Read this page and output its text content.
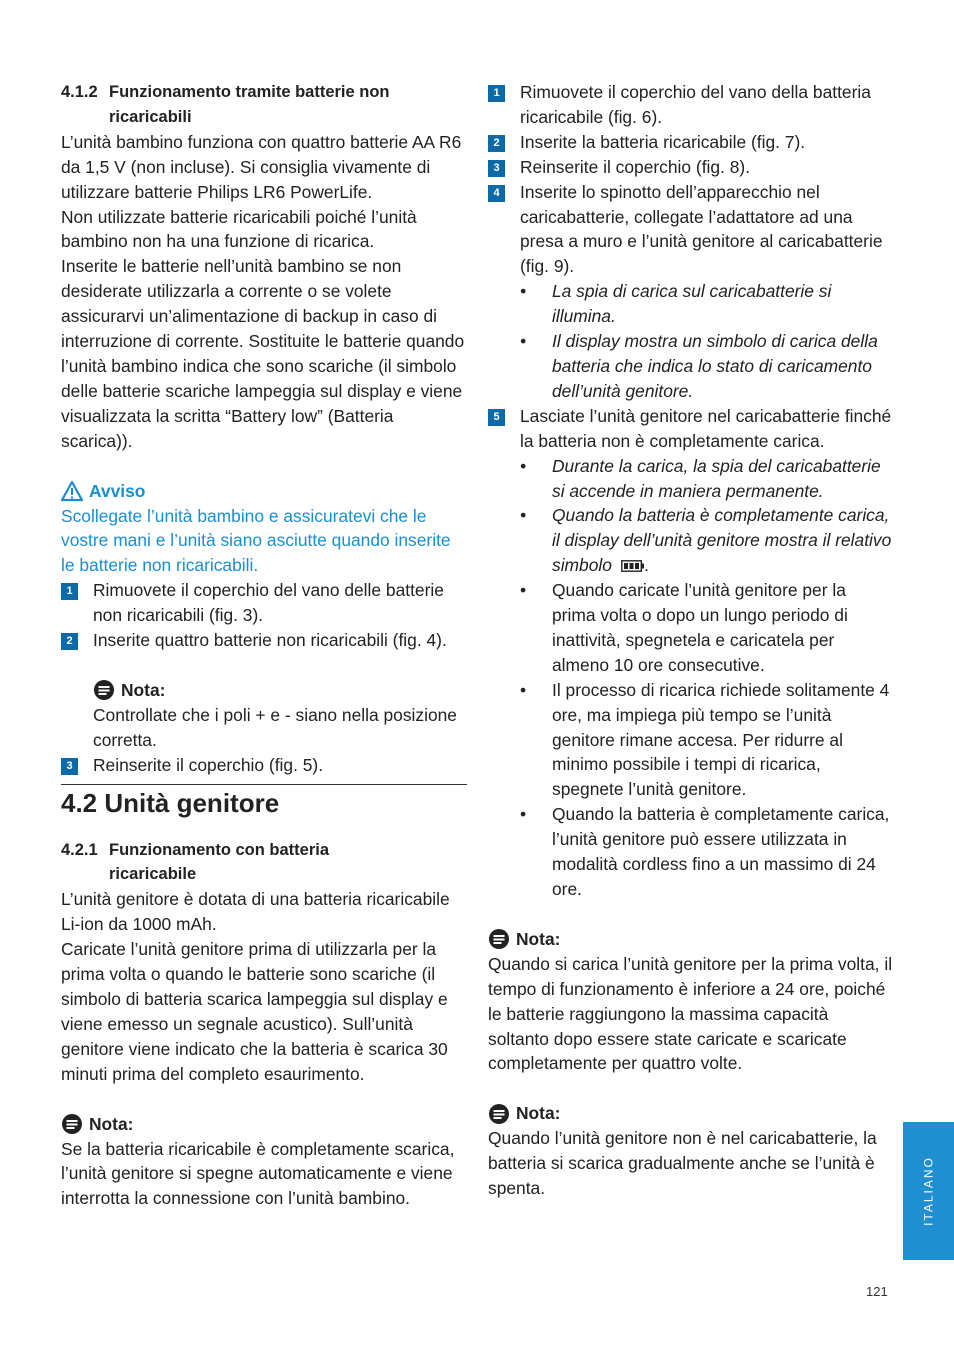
4.1.2 Funzionamento tramite batterie non
ricaricabili

L’unità bambino funziona con quattro batterie AA R6 da 1,5 V (non incluse). Si consiglia vivamente di utilizzare batterie Philips LR6 PowerLife.

Non utilizzate batterie ricaricabili poiché l’unità bambino non ha una funzione di ricarica.

Inserite le batterie nell’unità bambino se non desiderate utilizzarla a corrente o se volete assicurarvi un’alimentazione di backup in caso di interruzione di corrente. Sostituite le batterie quando l’unità bambino indica che sono scariche (il simbolo delle batterie scariche lampeggia sul display e viene visualizzata la scritta “Battery low” (Batteria scarica)).

Avviso

Scollegate l’unità bambino e assicuratevi che le vostre mani e l’unità siano asciutte quando inserite le batterie non ricaricabili.

1	Rimuovete il coperchio del vano delle batterie non ricaricabili (fig. 3).
2	Inserite quattro batterie non ricaricabili (fig. 4).
Nota:

Controllate che i poli + e - siano nella posizione corretta.

3	Reinserite il coperchio (fig. 5).
4.2 Unità genitore
4.2.1 Funzionamento con batteria
ricaricabile

L’unità genitore è dotata di una batteria ricaricabile Li-ion da 1000 mAh.

Caricate l’unità genitore prima di utilizzarla per la prima volta o quando le batterie sono scariche (il simbolo di batteria scarica lampeggia sul display e viene emesso un segnale acustico). Sull’unità genitore viene indicato che la batteria è scarica 30 minuti prima del completo esaurimento.

Nota:

Se la batteria ricaricabile è completamente scarica, l’unità genitore si spegne automaticamente e viene interrotta la connessione con l’unità bambino.

1	Rimuovete il coperchio del vano della batteria ricaricabile (fig. 6).
2	Inserite la batteria ricaricabile (fig. 7).
3	Reinserite il coperchio (fig. 8).
4	Inserite lo spinotto dell’apparecchio nel caricabatterie, collegate l’adattatore ad una presa a muro e l’unità genitore al caricabatterie (fig. 9).
• La spia di carica sul caricabatterie si illumina.
• Il display mostra un simbolo di carica della batteria che indica lo stato di caricamento dell’unità genitore.
5	Lasciate l’unità genitore nel caricabatterie finché la batteria non è completamente carica.
• Durante la carica, la spia del caricabatterie si accende in maniera permanente.
• Quando la batteria è completamente carica, il display dell’unità genitore mostra il relativo simbolo .
• Quando caricate l’unità genitore per la prima volta o dopo un lungo periodo di inattività, spegnetela e caricatela per almeno 10 ore consecutive.
• Il processo di ricarica richiede solitamente 4 ore, ma impiega più tempo se l’unità genitore rimane accesa. Per ridurre al minimo possibile i tempi di ricarica, spegnete l’unità genitore.
• Quando la batteria è completamente carica, l’unità genitore può essere utilizzata in modalità cordless fino a un massimo di 24 ore.
Nota:

Quando si carica l’unità genitore per la prima volta, il tempo di funzionamento è inferiore a 24 ore, poiché le batterie raggiungono la massima capacità soltanto dopo essere state caricate e scaricate completamente per quattro volte.

Nota:

Quando l’unità genitore non è nel caricabatterie, la batteria si scarica gradualmente anche se l’unità è spenta.	ITALIANO
121
